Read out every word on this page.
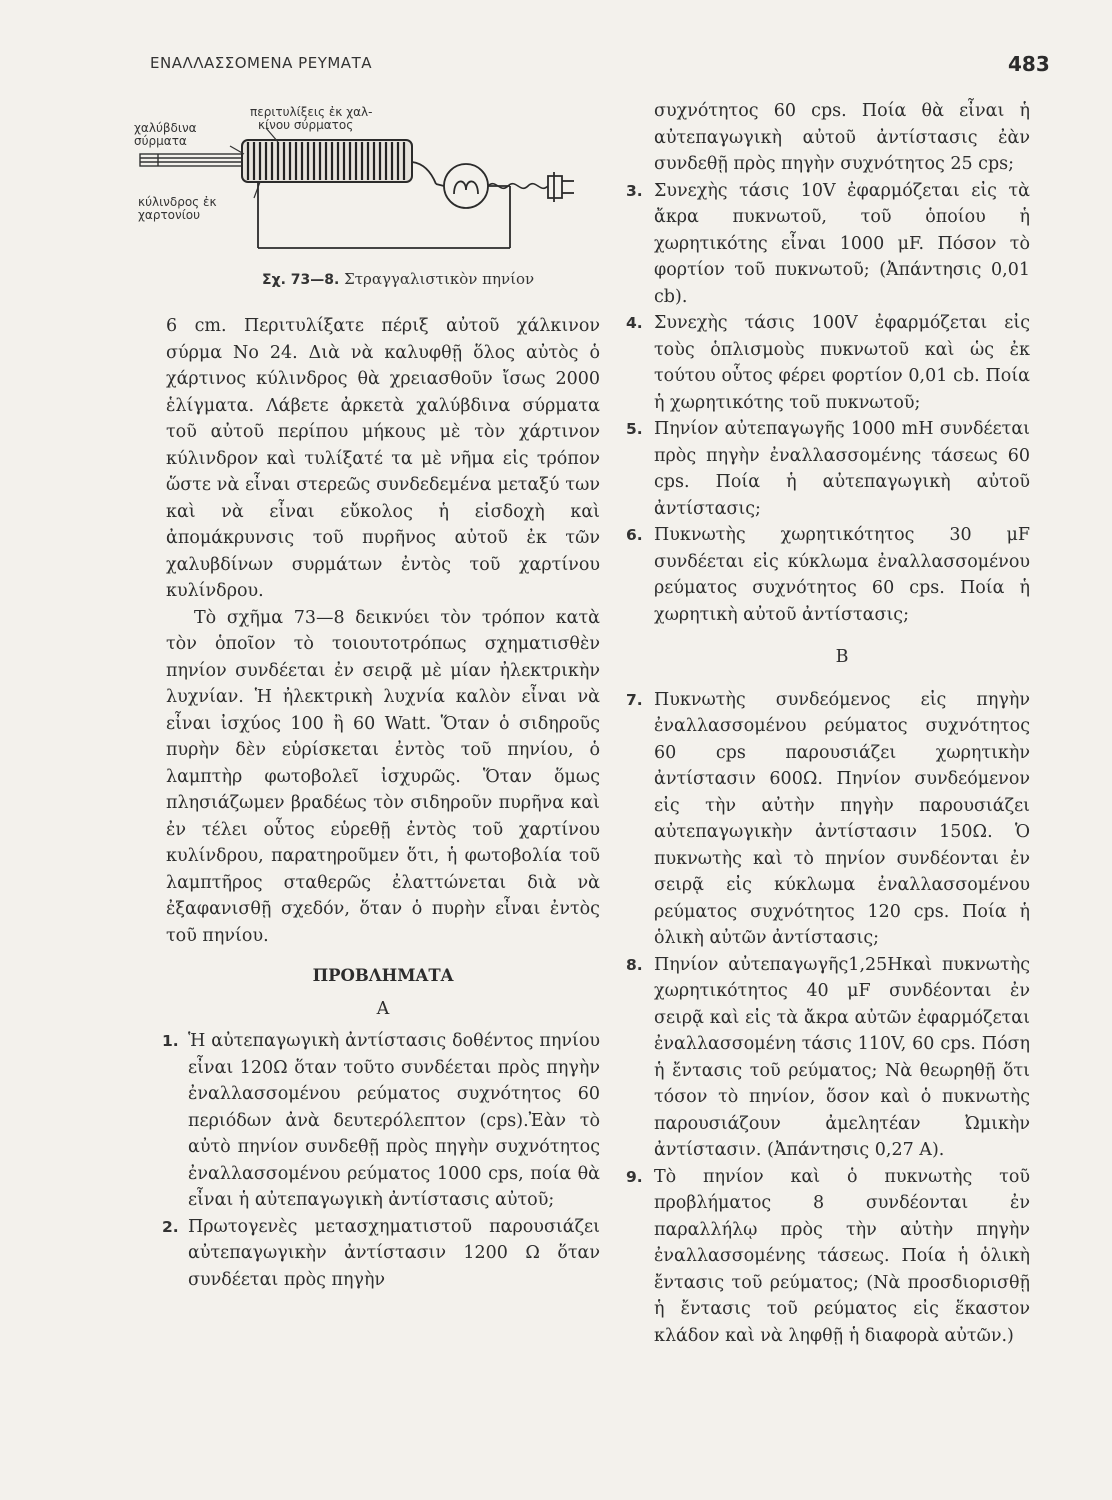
ΕΝΑΛΛΑΣΣΟΜΕΝΑ ΡΕΥΜΑΤΑ	483
χαλύβδινα
σύρματα
περιτυλίξεις ἐκ χαλ-
κίνου σύρματος
κύλινδρος ἐκ
χαρτονίου
Σχ. 73—8. Στραγγαλιστικὸν πηνίον

6 cm. Περιτυλίξατε πέριξ αὐτοῦ χάλκινον σύρμα Νο 24. Διὰ νὰ καλυφθῇ ὅλος αὐτὸς ὁ χάρτινος κύλινδρος θὰ χρειασθοῦν ἴσως 2000 ἑλίγματα. Λάβετε ἀρκετὰ χαλύβδινα σύρματα τοῦ αὐτοῦ περίπου μήκους μὲ τὸν χάρτινον κύλινδρον καὶ τυλίξατέ τα μὲ νῆμα εἰς τρόπον ὥστε νὰ εἶναι στερεῶς συνδεδεμένα μεταξύ των καὶ νὰ εἶναι εὔκολος ἡ εἰσδοχὴ καὶ ἀπομάκρυνσις τοῦ πυρῆνος αὐτοῦ ἐκ τῶν χαλυβδίνων συρμάτων ἐντὸς τοῦ χαρτίνου κυλίνδρου.

Τὸ σχῆμα 73—8 δεικνύει τὸν τρόπον κατὰ τὸν ὁποῖον τὸ τοιουτοτρόπως σχηματισθὲν πηνίον συνδέεται ἐν σειρᾷ μὲ μίαν ἠλεκτρικὴν λυχνίαν. Ἡ ἠλεκτρικὴ λυχνία καλὸν εἶναι νὰ εἶναι ἰσχύος 100 ἢ 60 Watt. Ὅταν ὁ σιδηροῦς πυρὴν δὲν εὑρίσκεται ἐντὸς τοῦ πηνίου, ὁ λαμπτὴρ φωτοβολεῖ ἰσχυρῶς. Ὅταν ὅμως πλησιάζωμεν βραδέως τὸν σιδηροῦν πυρῆνα καὶ ἐν τέλει οὗτος εὑρεθῇ ἐντὸς τοῦ χαρτίνου κυλίνδρου, παρατηροῦμεν ὅτι, ἡ φωτοβολία τοῦ λαμπτῆρος σταθερῶς ἐλαττώνεται διὰ νὰ ἐξαφανισθῇ σχεδόν, ὅταν ὁ πυρὴν εἶναι ἐντὸς τοῦ πηνίου.

ΠΡΟΒΛΗΜΑΤΑ

Α

1. Ἡ αὐτεπαγωγικὴ ἀντίστασις δοθέντος πηνίου εἶναι 120Ω ὅταν τοῦτο συνδέεται πρὸς πηγὴν ἐναλλασσομένου ρεύματος συχνότητος 60 περιόδων ἀνὰ δευτερόλεπτον (cps).Ἐὰν τὸ αὐτὸ πηνίον συνδεθῇ πρὸς πηγὴν συχνότητος ἐναλλασσομένου ρεύματος 1000 cps, ποία θὰ εἶναι ἡ αὐτεπαγωγικὴ ἀντίστασις αὐτοῦ;

2. Πρωτογενὲς μετασχηματιστοῦ παρουσιάζει αὐτεπαγωγικὴν ἀντίστασιν 1200 Ω ὅταν συνδέεται πρὸς πηγὴν

συχνότητος 60 cps. Ποία θὰ εἶναι ἡ αὐτεπαγωγικὴ αὐτοῦ ἀντίστασις ἐὰν συνδεθῇ πρὸς πηγὴν συχνότητος 25 cps;

3. Συνεχὴς τάσις 10V ἐφαρμόζεται εἰς τὰ ἄκρα πυκνωτοῦ, τοῦ ὁποίου ἡ χωρητικότης εἶναι 1000 μF. Πόσον τὸ φορτίον τοῦ πυκνωτοῦ; (Ἀπάντησις 0,01 cb).

4. Συνεχὴς τάσις 100V ἐφαρμόζεται εἰς τοὺς ὁπλισμοὺς πυκνωτοῦ καὶ ὡς ἐκ τούτου οὗτος φέρει φορτίον 0,01 cb. Ποία ἡ χωρητικότης τοῦ πυκνωτοῦ;

5. Πηνίον αὐτεπαγωγῆς 1000 mH συνδέεται πρὸς πηγὴν ἐναλλασσομένης τάσεως 60 cps. Ποία ἡ αὐτεπαγωγικὴ αὐτοῦ ἀντίστασις;

6. Πυκνωτὴς χωρητικότητος 30 μF συνδέεται εἰς κύκλωμα ἐναλλασσομένου ρεύματος συχνότητος 60 cps. Ποία ἡ χωρητικὴ αὐτοῦ ἀντίστασις;

Β

7. Πυκνωτὴς συνδεόμενος εἰς πηγὴν ἐναλλασσομένου ρεύματος συχνότητος 60 cps παρουσιάζει χωρητικὴν ἀντίστασιν 600Ω. Πηνίον συνδεόμενον εἰς τὴν αὐτὴν πηγὴν παρουσιάζει αὐτεπαγωγικὴν ἀντίστασιν 150Ω. Ὁ πυκνωτὴς καὶ τὸ πηνίον συνδέονται ἐν σειρᾷ εἰς κύκλωμα ἐναλλασσομένου ρεύματος συχνότητος 120 cps. Ποία ἡ ὁλικὴ αὐτῶν ἀντίστασις;

8. Πηνίον αὐτεπαγωγῆς1,25Hκαὶ πυκνωτὴς χωρητικότητος 40 μF συνδέονται ἐν σειρᾷ καὶ εἰς τὰ ἄκρα αὐτῶν ἐφαρμόζεται ἐναλλασσομένη τάσις 110V, 60 cps. Πόση ἡ ἔντασις τοῦ ρεύματος; Νὰ θεωρηθῇ ὅτι τόσον τὸ πηνίον, ὅσον καὶ ὁ πυκνωτὴς παρουσιάζουν ἀμελητέαν Ὠμικὴν ἀντίστασιν. (Ἀπάντησις 0,27 Α).

9. Τὸ πηνίον καὶ ὁ πυκνωτὴς τοῦ προβλήματος 8 συνδέονται ἐν παραλλήλῳ πρὸς τὴν αὐτὴν πηγὴν ἐναλλασσομένης τάσεως. Ποία ἡ ὁλικὴ ἔντασις τοῦ ρεύματος; (Νὰ προσδιορισθῇ ἡ ἔντασις τοῦ ρεύματος εἰς ἕκαστον κλάδον καὶ νὰ ληφθῇ ἡ διαφορὰ αὐτῶν.)
